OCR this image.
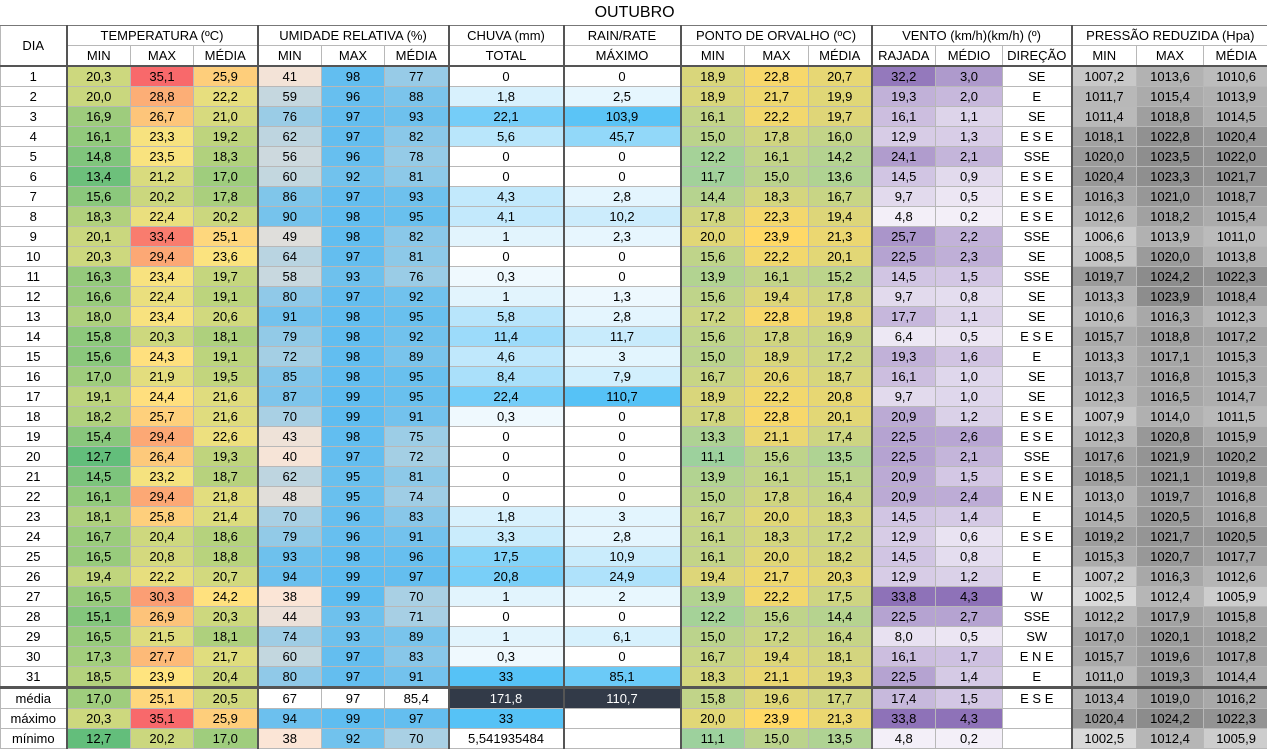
OUTUBRO																	
DIA	TEMPERATURA (ºC)			UMIDADE RELATIVA (%)			CHUVA (mm)	RAIN/RATE	PONTO DE ORVALHO (ºC)			VENTO (km/h)(km/h) (º)			PRESSÃO REDUZIDA (Hpa)		
	MIN	MAX	MÉDIA	MIN	MAX	MÉDIA	TOTAL	MÁXIMO	MIN	MAX	MÉDIA	RAJADA	MÉDIO	DIREÇÃO	MIN	MAX	MÉDIA
1	20,3	35,1	25,9	41	98	77	0	0	18,9	22,8	20,7	32,2	3,0	SE	1007,2	1013,6	1010,6
2	20,0	28,8	22,2	59	96	88	1,8	2,5	18,9	21,7	19,9	19,3	2,0	E	1011,7	1015,4	1013,9
3	16,9	26,7	21,0	76	97	93	22,1	103,9	16,1	22,2	19,7	16,1	1,1	SE	1011,4	1018,8	1014,5
4	16,1	23,3	19,2	62	97	82	5,6	45,7	15,0	17,8	16,0	12,9	1,3	E S E	1018,1	1022,8	1020,4
5	14,8	23,5	18,3	56	96	78	0	0	12,2	16,1	14,2	24,1	2,1	SSE	1020,0	1023,5	1022,0
6	13,4	21,2	17,0	60	92	81	0	0	11,7	15,0	13,6	14,5	0,9	E S E	1020,4	1023,3	1021,7
7	15,6	20,2	17,8	86	97	93	4,3	2,8	14,4	18,3	16,7	9,7	0,5	E S E	1016,3	1021,0	1018,7
8	18,3	22,4	20,2	90	98	95	4,1	10,2	17,8	22,3	19,4	4,8	0,2	E S E	1012,6	1018,2	1015,4
9	20,1	33,4	25,1	49	98	82	1	2,3	20,0	23,9	21,3	25,7	2,2	SSE	1006,6	1013,9	1011,0
10	20,3	29,4	23,6	64	97	81	0	0	15,6	22,2	20,1	22,5	2,3	SE	1008,5	1020,0	1013,8
11	16,3	23,4	19,7	58	93	76	0,3	0	13,9	16,1	15,2	14,5	1,5	SSE	1019,7	1024,2	1022,3
12	16,6	22,4	19,1	80	97	92	1	1,3	15,6	19,4	17,8	9,7	0,8	SE	1013,3	1023,9	1018,4
13	18,0	23,4	20,6	91	98	95	5,8	2,8	17,2	22,8	19,8	17,7	1,1	SE	1010,6	1016,3	1012,3
14	15,8	20,3	18,1	79	98	92	11,4	11,7	15,6	17,8	16,9	6,4	0,5	E S E	1015,7	1018,8	1017,2
15	15,6	24,3	19,1	72	98	89	4,6	3	15,0	18,9	17,2	19,3	1,6	E	1013,3	1017,1	1015,3
16	17,0	21,9	19,5	85	98	95	8,4	7,9	16,7	20,6	18,7	16,1	1,0	SE	1013,7	1016,8	1015,3
17	19,1	24,4	21,6	87	99	95	22,4	110,7	18,9	22,2	20,8	9,7	1,0	SE	1012,3	1016,5	1014,7
18	18,2	25,7	21,6	70	99	91	0,3	0	17,8	22,8	20,1	20,9	1,2	E S E	1007,9	1014,0	1011,5
19	15,4	29,4	22,6	43	98	75	0	0	13,3	21,1	17,4	22,5	2,6	E S E	1012,3	1020,8	1015,9
20	12,7	26,4	19,3	40	97	72	0	0	11,1	15,6	13,5	22,5	2,1	SSE	1017,6	1021,9	1020,2
21	14,5	23,2	18,7	62	95	81	0	0	13,9	16,1	15,1	20,9	1,5	E S E	1018,5	1021,1	1019,8
22	16,1	29,4	21,8	48	95	74	0	0	15,0	17,8	16,4	20,9	2,4	E N E	1013,0	1019,7	1016,8
23	18,1	25,8	21,4	70	96	83	1,8	3	16,7	20,0	18,3	14,5	1,4	E	1014,5	1020,5	1016,8
24	16,7	20,4	18,6	79	96	91	3,3	2,8	16,1	18,3	17,2	12,9	0,6	E S E	1019,2	1021,7	1020,5
25	16,5	20,8	18,8	93	98	96	17,5	10,9	16,1	20,0	18,2	14,5	0,8	E	1015,3	1020,7	1017,7
26	19,4	22,2	20,7	94	99	97	20,8	24,9	19,4	21,7	20,3	12,9	1,2	E	1007,2	1016,3	1012,6
27	16,5	30,3	24,2	38	99	70	1	2	13,9	22,2	17,5	33,8	4,3	W	1002,5	1012,4	1005,9
28	15,1	26,9	20,3	44	93	71	0	0	12,2	15,6	14,4	22,5	2,7	SSE	1012,2	1017,9	1015,8
29	16,5	21,5	18,1	74	93	89	1	6,1	15,0	17,2	16,4	8,0	0,5	SW	1017,0	1020,1	1018,2
30	17,3	27,7	21,7	60	97	83	0,3	0	16,7	19,4	18,1	16,1	1,7	E N E	1015,7	1019,6	1017,8
31	18,5	23,9	20,4	80	97	91	33	85,1	18,3	21,1	19,3	22,5	1,4	E	1011,0	1019,3	1014,4
média	17,0	25,1	20,5	67	97	85,4	171,8	110,7	15,8	19,6	17,7	17,4	1,5	E S E	1013,4	1019,0	1016,2
máximo	20,3	35,1	25,9	94	99	97	33		20,0	23,9	21,3	33,8	4,3		1020,4	1024,2	1022,3
mínimo	12,7	20,2	17,0	38	92	70	5,541935484		11,1	15,0	13,5	4,8	0,2		1002,5	1012,4	1005,9
